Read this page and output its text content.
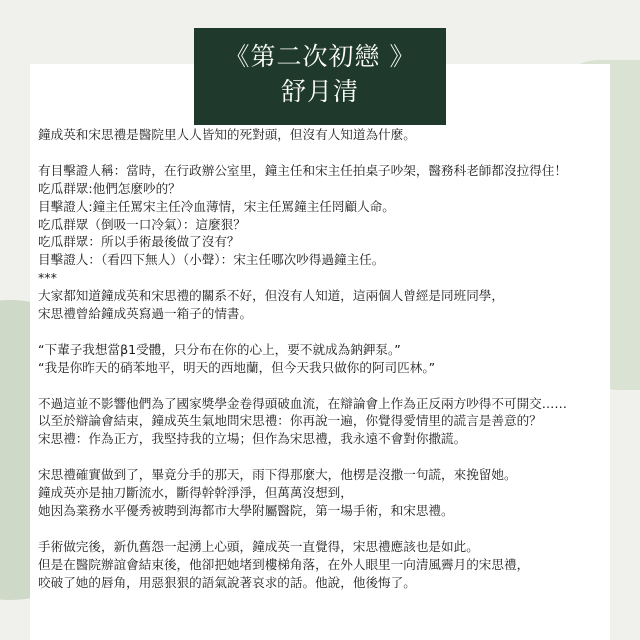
《第二次初戀 》
舒月清

鐘成英和宋思禮是醫院里人人皆知的死對頭，但沒有人知道為什麼。

有目擊證人稱：當時，在行政辦公室里，鐘主任和宋主任拍桌子吵架，醫務科老師都沒拉得住！

吃瓜群眾:他們怎麼吵的？

目擊證人:鐘主任罵宋主任冷血薄情，宋主任罵鐘主任罔顧人命。

吃瓜群眾（倒吸一口冷氣）：這麼狠？

吃瓜群眾：所以手術最後做了沒有？

目擊證人：（看四下無人）（小聲）：宋主任哪次吵得過鐘主任。

***

大家都知道鐘成英和宋思禮的關系不好，但沒有人知道，這兩個人曾經是同班同學，

宋思禮曾給鐘成英寫過一箱子的情書。

“下輩子我想當β1受體，只分布在你的心上，要不就成為鈉鉀泵。”

“我是你昨天的硝苯地平，明天的西地蘭，但今天我只做你的阿司匹林。”

不過這並不影響他們為了國家獎學金卷得頭破血流，在辯論會上作為正反兩方吵得不可開交……

以至於辯論會結束，鐘成英生氣地問宋思禮：你再說一遍，你覺得愛情里的謊言是善意的？

宋思禮：作為正方，我堅持我的立場；但作為宋思禮，我永遠不會對你撒謊。

宋思禮確實做到了，畢竟分手的那天，雨下得那麼大，他楞是沒撒一句謊，來挽留她。

鐘成英亦是抽刀斷流水，斷得幹幹淨淨，但萬萬沒想到，

她因為業務水平優秀被聘到海都市大學附屬醫院，第一場手術，和宋思禮。

手術做完後，新仇舊怨一起湧上心頭，鐘成英一直覺得，宋思禮應該也是如此。

但是在醫院辦誼會結束後，他卻把她堵到樓梯角落，在外人眼里一向清風霽月的宋思禮，

咬破了她的唇角，用惡狠狠的語氣說著哀求的話。他說，他後悔了。
